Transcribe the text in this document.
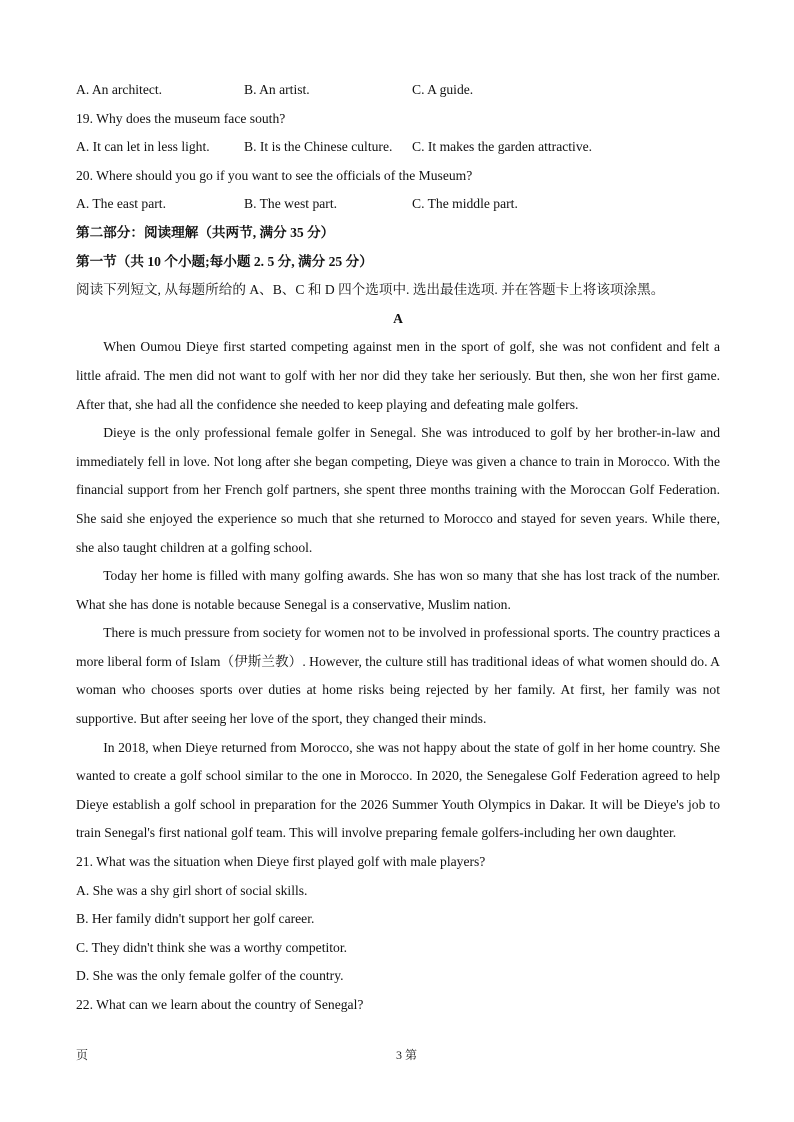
A. An architect.	B. An artist.	C. A guide.
19. Why does the museum face south?
A. It can let in less light.	B. It is the Chinese culture.	C. It makes the garden attractive.
20. Where should you go if you want to see the officials of the Museum?
A. The east part.	B. The west part.	C. The middle part.
第二部分：阅读理解（共两节, 满分 35 分）
第一节（共 10 个小题;每小题 2. 5 分, 满分 25 分）
阅读下列短文, 从每题所给的 A、B、C 和 D 四个选项中. 选出最佳选项. 并在答题卡上将该项涂黑。
A

When Oumou Dieye first started competing against men in the sport of golf, she was not confident and felt a little afraid. The men did not want to golf with her nor did they take her seriously. But then, she won her first game. After that, she had all the confidence she needed to keep playing and defeating male golfers.

Dieye is the only professional female golfer in Senegal. She was introduced to golf by her brother-in-law and immediately fell in love. Not long after she began competing, Dieye was given a chance to train in Morocco. With the financial support from her French golf partners, she spent three months training with the Moroccan Golf Federation. She said she enjoyed the experience so much that she returned to Morocco and stayed for seven years. While there, she also taught children at a golfing school.

Today her home is filled with many golfing awards. She has won so many that she has lost track of the number. What she has done is notable because Senegal is a conservative, Muslim nation.

There is much pressure from society for women not to be involved in professional sports. The country practices a more liberal form of Islam（伊斯兰教）. However, the culture still has traditional ideas of what women should do. A woman who chooses sports over duties at home risks being rejected by her family. At first, her family was not supportive. But after seeing her love of the sport, they changed their minds.

In 2018, when Dieye returned from Morocco, she was not happy about the state of golf in her home country. She wanted to create a golf school similar to the one in Morocco. In 2020, the Senegalese Golf Federation agreed to help Dieye establish a golf school in preparation for the 2026 Summer Youth Olympics in Dakar. It will be Dieye's job to train Senegal's first national golf team. This will involve preparing female golfers-including her own daughter.

21. What was the situation when Dieye first played golf with male players?
A. She was a shy girl short of social skills.
B. Her family didn't support her golf career.
C. They didn't think she was a worthy competitor.
D. She was the only female golfer of the country.
22. What can we learn about the country of Senegal?
页	3 第
